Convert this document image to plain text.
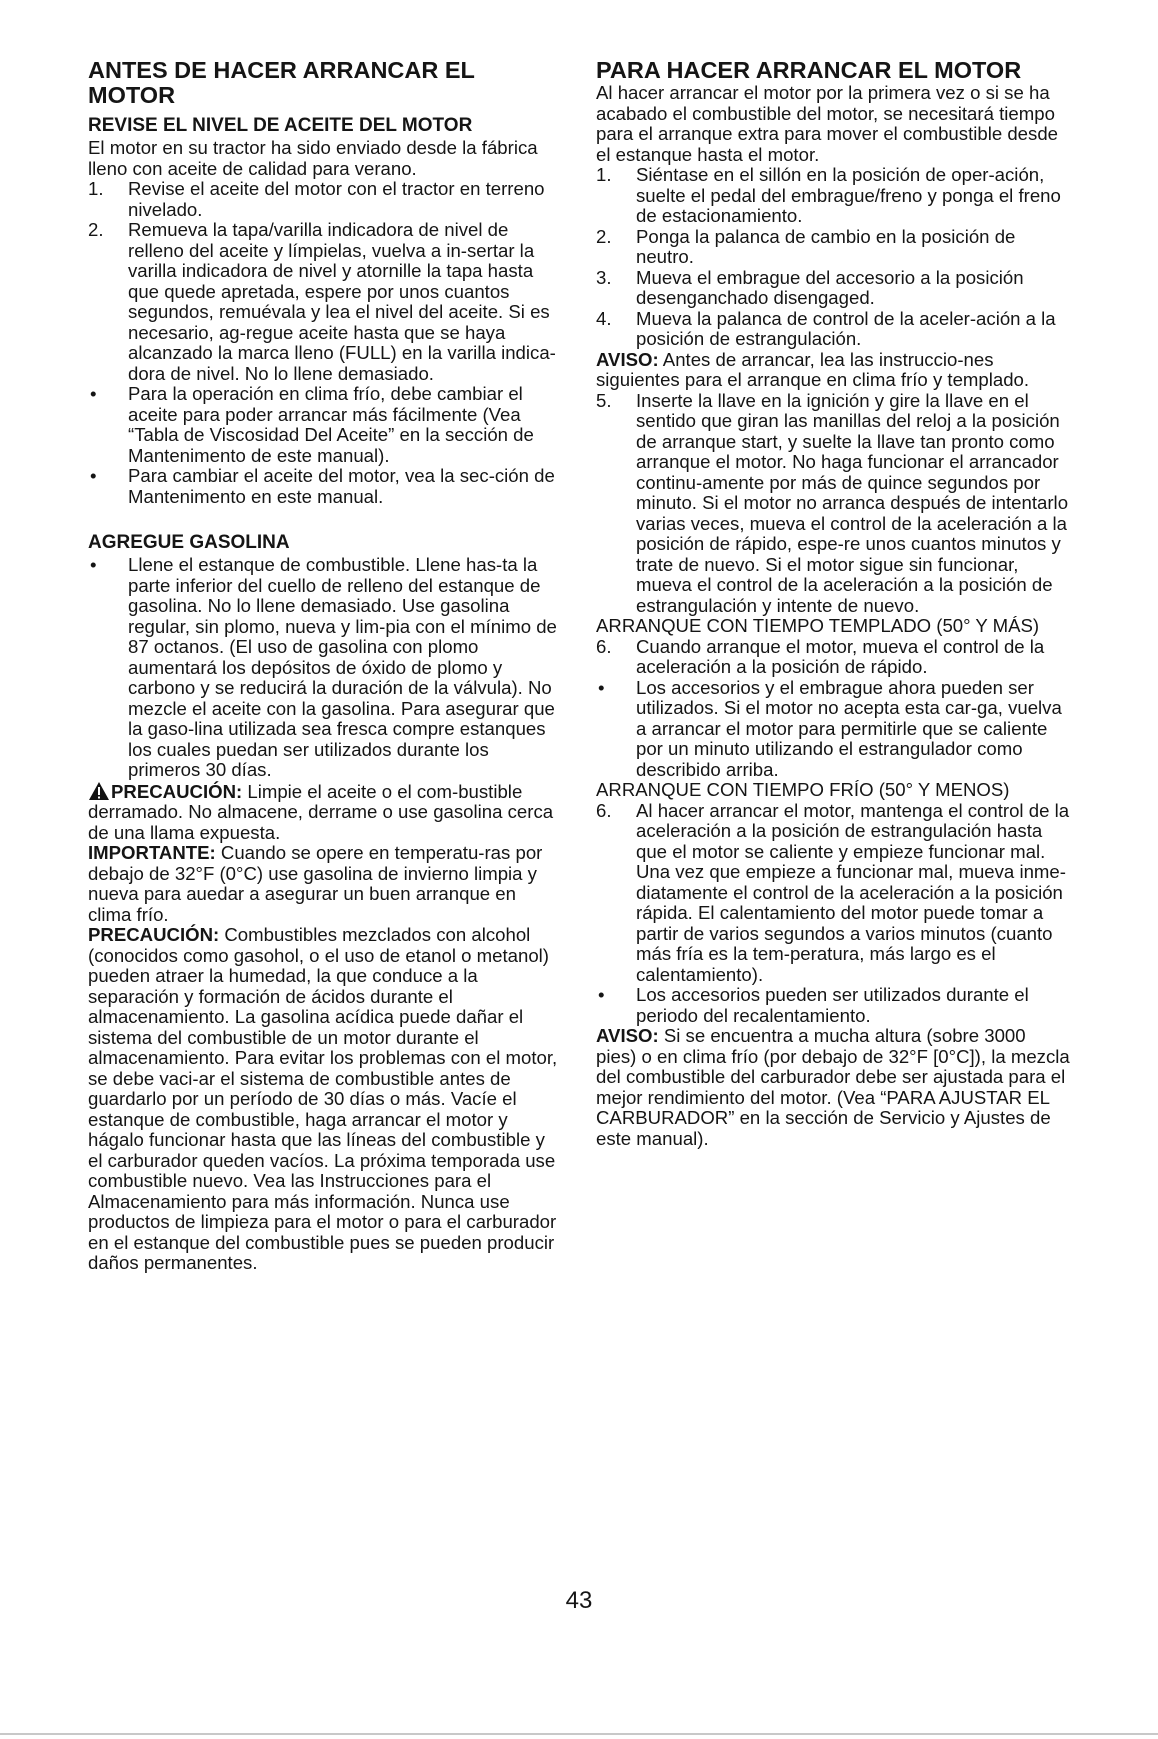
ANTES DE HACER ARRANCAR EL MOTOR
REVISE EL NIVEL DE ACEITE DEL MOTOR

El motor en su tractor ha sido enviado desde la fábrica lleno con aceite de calidad para verano.

1.	Revise el aceite del motor con el tractor en terreno nivelado.
2.	Remueva la tapa/varilla indicadora de nivel de relleno del aceite y límpielas, vuelva a in-sertar la varilla indicadora de nivel y atornille la tapa hasta que quede apretada, espere por unos cuantos segundos, remuévala y lea el nivel del aceite. Si es necesario, ag-regue aceite hasta que se haya alcanzado la marca lleno (FULL) en la varilla indica-dora de nivel. No lo llene demasiado.
•	Para la operación en clima frío, debe cambiar el aceite para poder arrancar más fácilmente (Vea “Tabla de Viscosidad Del Aceite” en la sección de Mantenimento de este manual).
•	Para cambiar el aceite del motor, vea la sec-ción de Mantenimento en este manual.
AGREGUE GASOLINA
•	Llene el estanque de combustible. Llene has-ta la parte inferior del cuello de relleno del estanque de gasolina. No lo llene demasiado. Use gasolina regular, sin plomo, nueva y lim-pia con el mínimo de 87 octanos. (El uso de gasolina con plomo aumentará los depósitos de óxido de plomo y carbono y se reducirá la duración de la válvula). No mezcle el aceite con la gasolina. Para asegurar que la gaso-lina utilizada sea fresca compre estanques los cuales puedan ser utilizados durante los primeros 30 días.

PRECAUCIÓN: Limpie el aceite o el com-bustible derramado. No almacene, derrame o use gasolina cerca de una llama expuesta.

IMPORTANTE: Cuando se opere en temperatu-ras por debajo de 32°F (0°C) use gasolina de invierno limpia y nueva para auedar a asegurar un buen arranque en clima frío.

PRECAUCIÓN: Combustibles mezclados con alcohol (conocidos como gasohol, o el uso de etanol o metanol) pueden atraer la humedad, la que conduce a la separación y formación de ácidos durante el almacenamiento. La gasolina acídica puede dañar el sistema del combustible de un motor durante el almacenamiento. Para evitar los problemas con el motor, se debe vaci-ar el sistema de combustible antes de guardarlo por un período de 30 días o más. Vacíe el estanque de combustible, haga arrancar el motor y hágalo funcionar hasta que las líneas del combustible y el carburador queden vacíos. La próxima temporada use combustible nuevo. Vea las Instrucciones para el Almacenamiento para más información. Nunca use productos de limpieza para el motor o para el carburador en el estanque del combustible pues se pueden producir daños permanentes.

PARA HACER ARRANCAR EL MOTOR

Al hacer arrancar el motor por la primera vez o si se ha acabado el combustible del motor, se necesitará tiempo para el arranque extra para mover el combustible desde el estanque hasta el motor.

1.	Siéntase en el sillón en la posición de oper-ación, suelte el pedal del embrague/freno y ponga el freno de estacionamiento.
2.	Ponga la palanca de cambio en la posición de neutro.
3.	Mueva el embrague del accesorio a la posición desenganchado disengaged.
4.	Mueva la palanca de control de la aceler-ación a la posición de estrangulación.

AVISO: Antes de arrancar, lea las instruccio-nes siguientes para el arranque en clima frío y templado.

5.	Inserte la llave en la ignición y gire la llave en el sentido que giran las manillas del reloj a la posición de arranque start, y suelte la llave tan pronto como arranque el motor. No haga funcionar el arrancador continu-amente por más de quince segundos por minuto. Si el motor no arranca después de intentarlo varias veces, mueva el control de la aceleración a la posición de rápido, espe-re unos cuantos minutos y trate de nuevo. Si el motor sigue sin funcionar, mueva el control de la aceleración a la posición de estrangulación y intente de nuevo.

ARRANQUE CON TIEMPO TEMPLADO (50° Y MÁS)

6.	Cuando arranque el motor, mueva el control de la aceleración a la posición de rápido.
•	Los accesorios y el embrague ahora pueden ser utilizados. Si el motor no acepta esta car-ga, vuelva a arrancar el motor para permitirle que se caliente por un minuto utilizando el estrangulador como describido arriba.

ARRANQUE CON TIEMPO FRÍO (50° Y MENOS)

6.	Al hacer arrancar el motor, mantenga el control de la aceleración a la posición de estrangulación hasta que el motor se caliente y empieze funcionar mal. Una vez que empieze a funcionar mal, mueva inme-diatamente el control de la aceleración a la posición rápida. El calentamiento del motor puede tomar a partir de varios segundos a varios minutos (cuanto más fría es la tem-peratura, más largo es el calentamiento).
•	Los accesorios pueden ser utilizados durante el periodo del recalentamiento.

AVISO: Si se encuentra a mucha altura (sobre 3000 pies) o en clima frío (por debajo de 32°F [0°C]), la mezcla del combustible del carburador debe ser ajustada para el mejor rendimiento del motor. (Vea “PARA AJUSTAR EL CARBURADOR” en la sección de Servicio y Ajustes de este manual).

43
